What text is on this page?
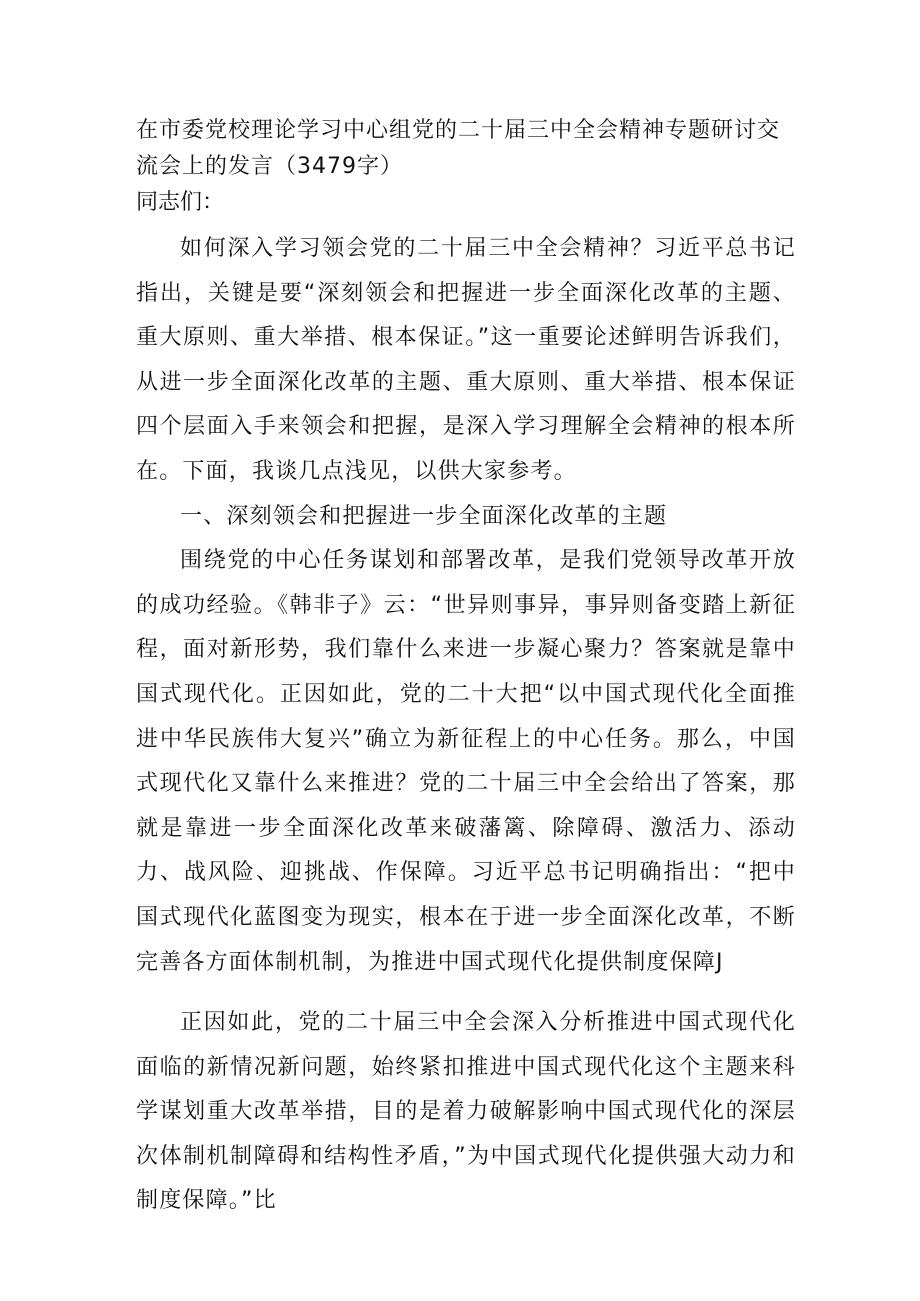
在市委党校理论学习中心组党的二十届三中全会精神专题研讨交流会上的发言（3479字）

同志们：

如何深入学习领会党的二十届三中全会精神？习近平总书记指出，关键是要“深刻领会和把握进一步全面深化改革的主题、重大原则、重大举措、根本保证。”这一重要论述鲜明告诉我们，从进一步全面深化改革的主题、重大原则、重大举措、根本保证四个层面入手来领会和把握，是深入学习理解全会精神的根本所在。下面，我谈几点浅见，以供大家参考。

一、深刻领会和把握进一步全面深化改革的主题

围绕党的中心任务谋划和部署改革，是我们党领导改革开放的成功经验。《韩非子》云：“世异则事异，事异则备变踏上新征程，面对新形势，我们靠什么来进一步凝心聚力？答案就是靠中国式现代化。正因如此，党的二十大把“以中国式现代化全面推进中华民族伟大复兴”确立为新征程上的中心任务。那么，中国式现代化又靠什么来推进？党的二十届三中全会给出了答案，那就是靠进一步全面深化改革来破藩篱、除障碍、激活力、添动力、战风险、迎挑战、作保障。习近平总书记明确指出：“把中国式现代化蓝图变为现实，根本在于进一步全面深化改革，不断完善各方面体制机制，为推进中国式现代化提供制度保障J

正因如此，党的二十届三中全会深入分析推进中国式现代化面临的新情况新问题，始终紧扣推进中国式现代化这个主题来科学谋划重大改革举措，目的是着力破解影响中国式现代化的深层次体制机制障碍和结构性矛盾，”为中国式现代化提供强大动力和制度保障。”比
